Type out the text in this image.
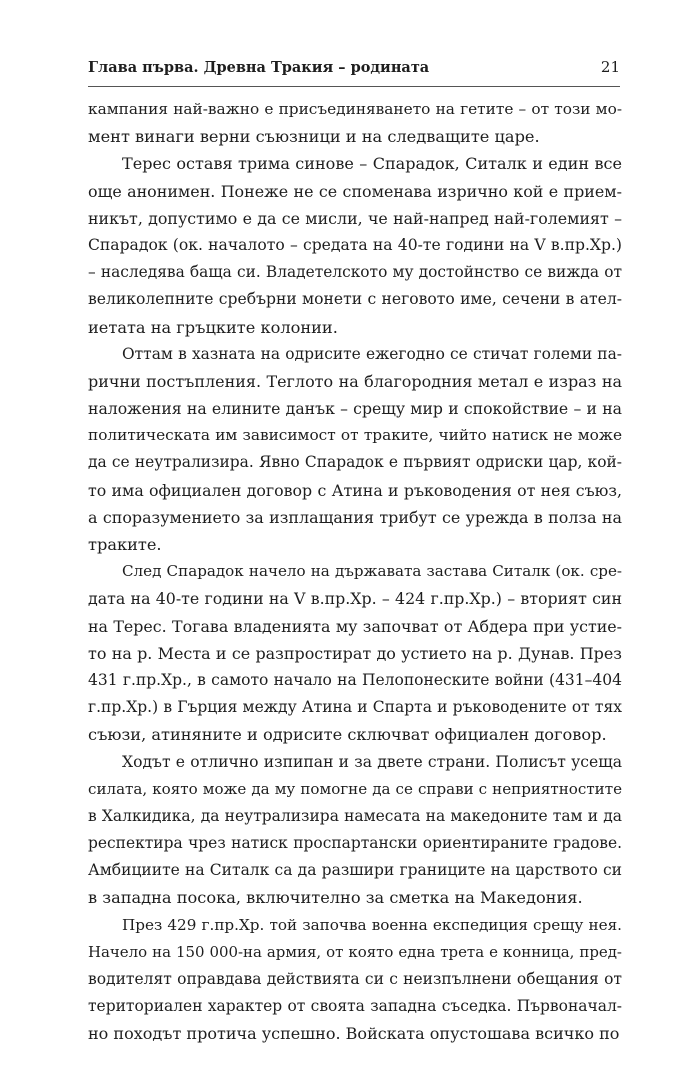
Глава първа. Древна Тракия – родината	21
кампания най-важно е присъединяването на гетите – от този мо-
мент винаги верни съюзници и на следващите царе.
Терес оставя трима синове – Спарадок, Ситалк и един все
още анонимен. Понеже не се споменава изрично кой е прием-
никът, допустимо е да се мисли, че най-напред най-големият –
Спарадок (ок. началото – средата на 40-те години на V в.пр.Хр.)
– наследява баща си. Владетелското му достойнство се вижда от
великолепните сребърни монети с неговото име, сечени в ател-
иетата на гръцките колонии.
Оттам в хазната на одрисите ежегодно се стичат големи па-
рични постъпления. Теглото на благородния метал е израз на
наложения на елините данък – срещу мир и спокойствие – и на
политическата им зависимост от траките, чийто натиск не може
да се неутрализира. Явно Спарадок е първият одриски цар, кой-
то има официален договор с Атина и ръководения от нея съюз,
а споразумението за изплащания трибут се урежда в полза на
траките.
След Спарадок начело на държавата застава Ситалк (ок. сре-
дата на 40-те години на V в.пр.Хр. – 424 г.пр.Хр.) – вторият син
на Терес. Тогава владенията му започват от Абдера при устие-
то на р. Места и се разпростират до устието на р. Дунав. През
431 г.пр.Хр., в самото начало на Пелопонеските войни (431–404
г.пр.Хр.) в Гърция между Атина и Спарта и ръководените от тях
съюзи, атиняните и одрисите сключват официален договор.
Ходът е отлично изпипан и за двете страни. Полисът усеща
силата, която може да му помогне да се справи с неприятностите
в Халкидика, да неутрализира намесата на македоните там и да
респектира чрез натиск проспартански ориентираните градове.
Амбициите на Ситалк са да разшири границите на царството си
в западна посока, включително за сметка на Македония.
През 429 г.пр.Хр. той започва военна експедиция срещу нея.
Начело на 150 000-на армия, от която една трета е конница, пред-
водителят оправдава действията си с неизпълнени обещания от
териториален характер от своята западна съседка. Първоначал-
но походът протича успешно. Войската опустошава всичко по
